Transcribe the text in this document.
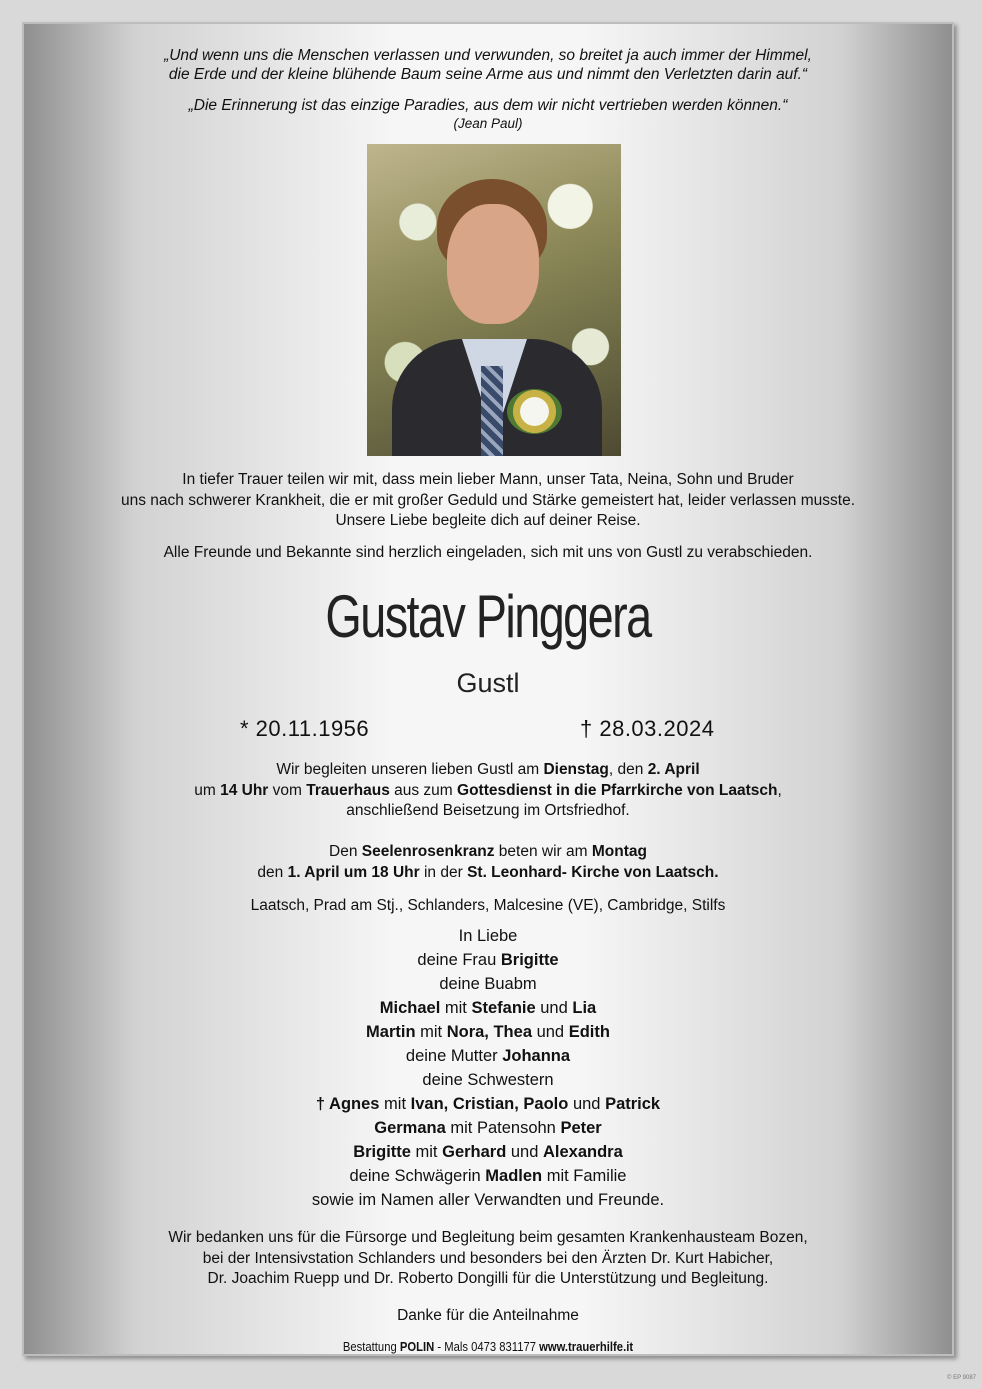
„Und wenn uns die Menschen verlassen und verwunden, so breitet ja auch immer der Himmel,
die Erde und der kleine blühende Baum seine Arme aus und nimmt den Verletzten darin auf.“
„Die Erinnerung ist das einzige Paradies, aus dem wir nicht vertrieben werden können.“
(Jean Paul)
In tiefer Trauer teilen wir mit, dass mein lieber Mann, unser Tata, Neina, Sohn und Bruder
uns nach schwerer Krankheit, die er mit großer Geduld und Stärke gemeistert hat, leider verlassen musste.
Unsere Liebe begleite dich auf deiner Reise.
Alle Freunde und Bekannte sind herzlich eingeladen, sich mit uns von Gustl zu verabschieden.
Gustav Pinggera
Gustl
* 20.11.1956	† 28.03.2024
Wir begleiten unseren lieben Gustl am Dienstag, den 2. April
um 14 Uhr vom Trauerhaus aus zum Gottesdienst in die Pfarrkirche von Laatsch,
anschließend Beisetzung im Ortsfriedhof.
Den Seelenrosenkranz beten wir am Montag
den 1. April um 18 Uhr in der St. Leonhard- Kirche von Laatsch.
Laatsch, Prad am Stj., Schlanders, Malcesine (VE), Cambridge, Stilfs
In Liebe
deine Frau Brigitte
deine Buabm
Michael mit Stefanie und Lia
Martin mit Nora, Thea und Edith
deine Mutter Johanna
deine Schwestern
† Agnes mit Ivan, Cristian, Paolo und Patrick
Germana mit Patensohn Peter
Brigitte mit Gerhard und Alexandra
deine Schwägerin Madlen mit Familie
sowie im Namen aller Verwandten und Freunde.
Wir bedanken uns für die Fürsorge und Begleitung beim gesamten Krankenhausteam Bozen,
bei der Intensivstation Schlanders und besonders bei den Ärzten Dr. Kurt Habicher,
Dr. Joachim Ruepp und Dr. Roberto Dongilli für die Unterstützung und Begleitung.
Danke für die Anteilnahme
Bestattung POLIN - Mals 0473 831177 www.trauerhilfe.it
© EP 9087
